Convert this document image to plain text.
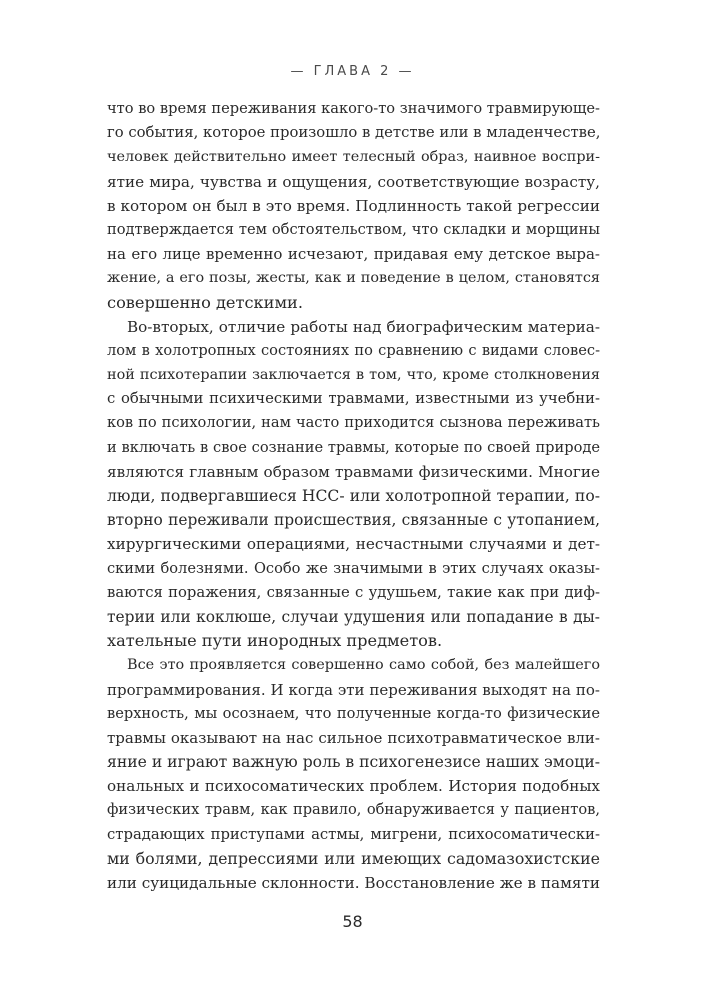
— ГЛАВА 2 —
что во время переживания какого-то значимого травмирующе-
го события, которое произошло в детстве или в младенчестве,
человек действительно имеет телесный образ, наивное воспри-
ятие мира, чувства и ощущения, соответствующие возрасту,
в котором он был в это время. Подлинность такой регрессии
подтверждается тем обстоятельством, что складки и морщины
на его лице временно исчезают, придавая ему детское выра-
жение, а его позы, жесты, как и поведение в целом, становятся
совершенно детскими.
Во-вторых, отличие работы над биографическим материа-
лом в холотропных состояниях по сравнению с видами словес-
ной психотерапии заключается в том, что, кроме столкновения
с обычными психическими травмами, известными из учебни-
ков по психологии, нам часто приходится сызнова переживать
и включать в свое сознание травмы, которые по своей природе
являются главным образом травмами физическими. Многие
люди, подвергавшиеся НСС- или холотропной терапии, по-
вторно переживали происшествия, связанные с утопанием,
хирургическими операциями, несчастными случаями и дет-
скими болезнями. Особо же значимыми в этих случаях оказы-
ваются поражения, связанные с удушьем, такие как при диф-
терии или коклюше, случаи удушения или попадание в ды-
хательные пути инородных предметов.
Все это проявляется совершенно само собой, без малейшего
программирования. И когда эти переживания выходят на по-
верхность, мы осознаем, что полученные когда-то физические
травмы оказывают на нас сильное психотравматическое вли-
яние и играют важную роль в психогенезисе наших эмоци-
ональных и психосоматических проблем. История подобных
физических травм, как правило, обнаруживается у пациентов,
страдающих приступами астмы, мигрени, психосоматически-
ми болями, депрессиями или имеющих садомазохистские
или суицидальные склонности. Восстановление же в памяти
58
